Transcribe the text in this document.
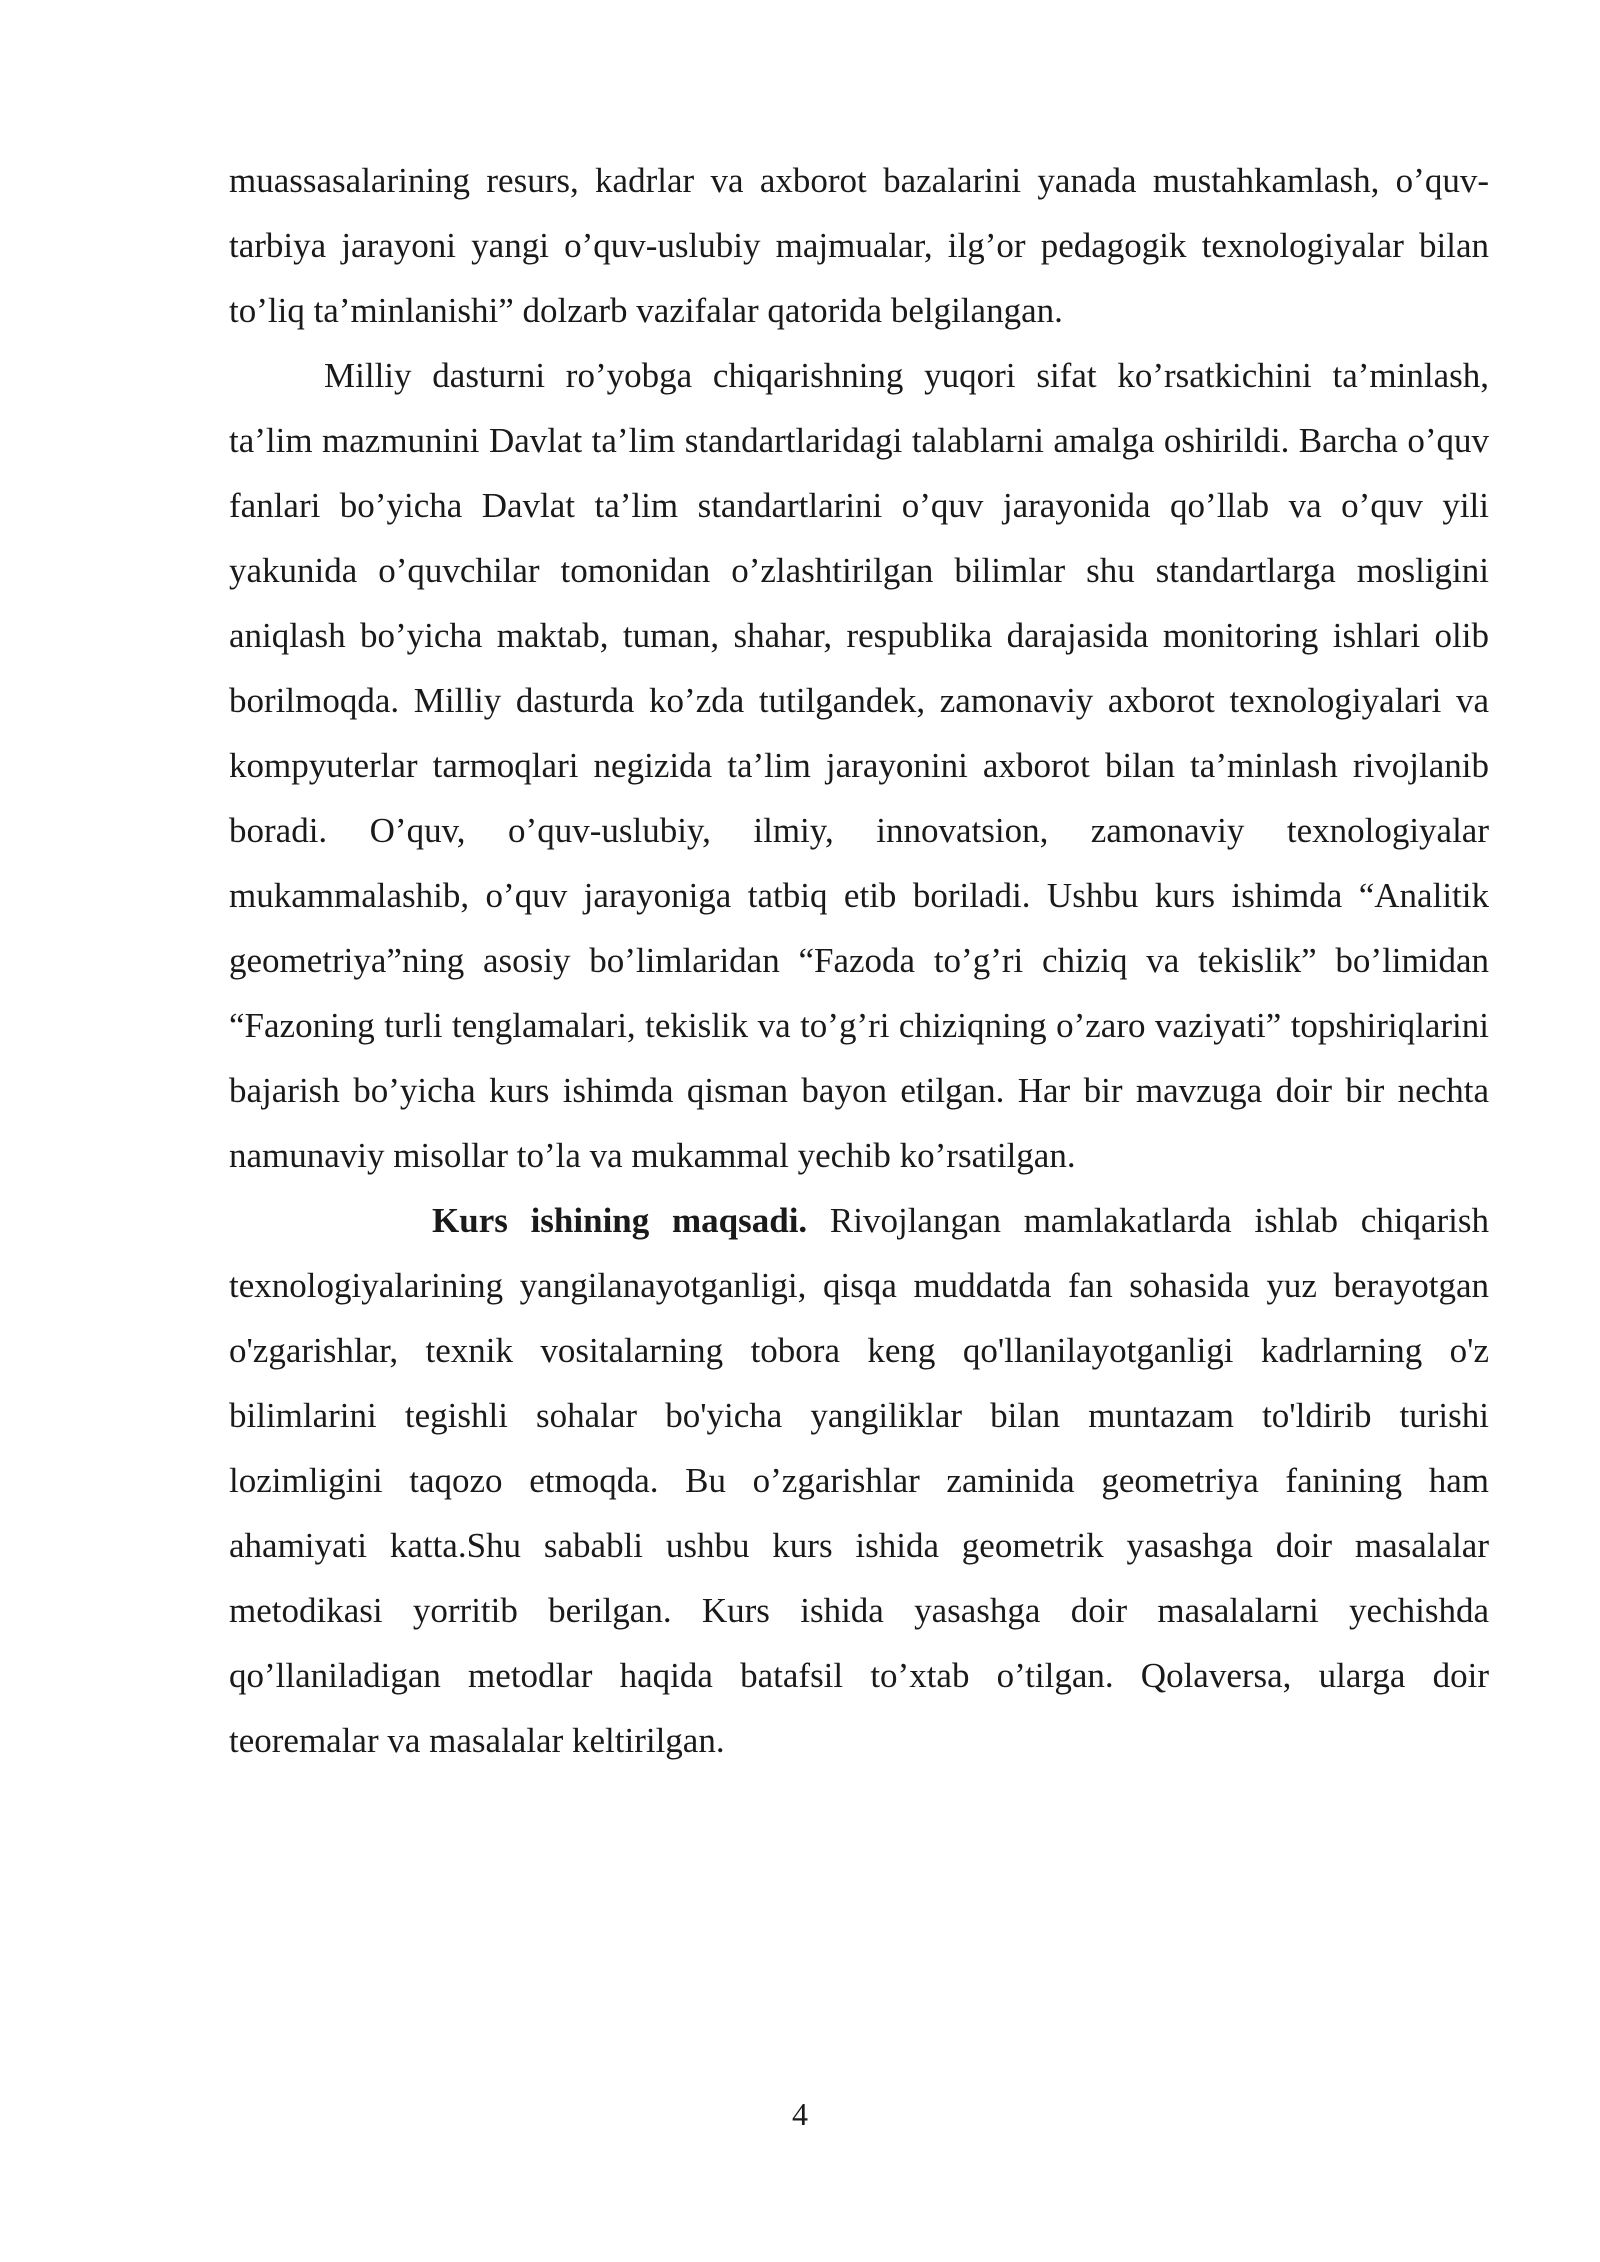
muassasalarining resurs, kadrlar va axborot bazalarini yanada mustahkamlash, o’quv-tarbiya jarayoni yangi o’quv-uslubiy majmualar, ilg’or pedagogik texnologiyalar bilan to’liq ta’minlanishi” dolzarb vazifalar qatorida belgilangan.

Milliy dasturni ro’yobga chiqarishning yuqori sifat ko’rsatkichini ta’minlash, ta’lim mazmunini Davlat ta’lim standartlaridagi talablarni amalga oshirildi. Barcha o’quv fanlari bo’yicha Davlat ta’lim standartlarini o’quv jarayonida qo’llab va o’quv yili yakunida o’quvchilar tomonidan o’zlashtirilgan bilimlar shu standartlarga mosligini aniqlash bo’yicha maktab, tuman, shahar, respublika darajasida monitoring ishlari olib borilmoqda. Milliy dasturda ko’zda tutilgandek, zamonaviy axborot texnologiyalari va kompyuterlar tarmoqlari negizida ta’lim jarayonini axborot bilan ta’minlash rivojlanib boradi. O’quv, o’quv-uslubiy, ilmiy, innovatsion, zamonaviy texnologiyalar mukammalashib, o’quv jarayoniga tatbiq etib boriladi. Ushbu kurs ishimda “Analitik geometriya”ning asosiy bo’limlaridan “Fazoda to’g’ri chiziq va tekislik” bo’limidan “Fazoning turli tenglamalari, tekislik va to’g’ri chiziqning o’zaro vaziyati” topshiriqlarini bajarish bo’yicha kurs ishimda qisman bayon etilgan. Har bir mavzuga doir bir nechta namunaviy misollar to’la va mukammal yechib ko’rsatilgan.

Kurs ishining maqsadi. Rivojlangan mamlakatlarda ishlab chiqarish texnologiyalarining yangilanayotganligi, qisqa muddatda fan sohasida yuz berayotgan o'zgarishlar, texnik vositalarning tobora keng qo'llanilayotganligi kadrlarning o'z bilimlarini tegishli sohalar bo'yicha yangiliklar bilan muntazam to'ldirib turishi lozimligini taqozo etmoqda. Bu o’zgarishlar zaminida geometriya fanining ham ahamiyati katta.Shu sababli ushbu kurs ishida geometrik yasashga doir masalalar metodikasi yorritib berilgan. Kurs ishida yasashga doir masalalarni yechishda qo’llaniladigan metodlar haqida batafsil to’xtab o’tilgan. Qolaversa, ularga doir teoremalar va masalalar keltirilgan.

4
